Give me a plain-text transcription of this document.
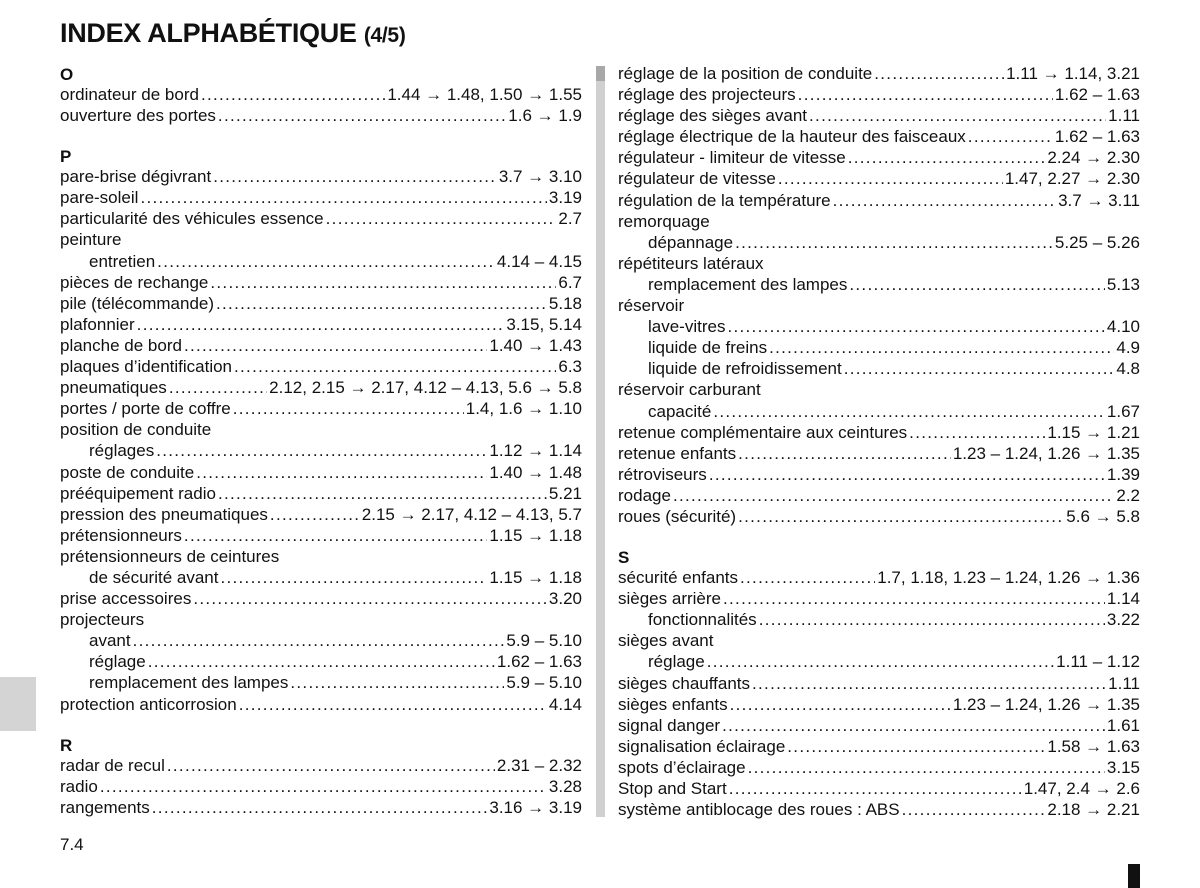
INDEX ALPHABÉTIQUE (4/5)
O
ordinateur de bord .....	1.44 → 1.48, 1.50 → 1.55
ouverture des portes .....	1.6 → 1.9
P
pare-brise dégivrant .....	3.7 → 3.10
pare-soleil .....	3.19
particularité des véhicules essence .....	2.7
peinture
entretien .....	4.14 – 4.15
pièces de rechange .....	6.7
pile (télécommande) .....	5.18
plafonnier .....	3.15, 5.14
planche de bord .....	1.40 → 1.43
plaques d’identification .....	6.3
pneumatiques .....	2.12, 2.15 → 2.17, 4.12 – 4.13, 5.6 → 5.8
portes / porte de coffre .....	1.4, 1.6 → 1.10
position de conduite
réglages .....	1.12 → 1.14
poste de conduite .....	1.40 → 1.48
prééquipement radio .....	5.21
pression des pneumatiques .....	2.15 → 2.17, 4.12 – 4.13, 5.7
prétensionneurs .....	1.15 → 1.18
prétensionneurs de ceintures
de sécurité avant .....	1.15 → 1.18
prise accessoires .....	3.20
projecteurs
avant .....	5.9 – 5.10
réglage .....	1.62 – 1.63
remplacement des lampes .....	5.9 – 5.10
protection anticorrosion .....	4.14
R
radar de recul .....	2.31 – 2.32
radio .....	3.28
rangements .....	3.16 → 3.19
réglage de la position de conduite .....	1.11 → 1.14, 3.21
réglage des projecteurs .....	1.62 – 1.63
réglage des sièges avant .....	1.11
réglage électrique de la hauteur des faisceaux .....	1.62 – 1.63
régulateur - limiteur de vitesse .....	2.24 → 2.30
régulateur de vitesse .....	1.47, 2.27 → 2.30
régulation de la température .....	3.7 → 3.11
remorquage
dépannage .....	5.25 – 5.26
répétiteurs latéraux
remplacement des lampes .....	5.13
réservoir
lave-vitres .....	4.10
liquide de freins .....	4.9
liquide de refroidissement .....	4.8
réservoir carburant
capacité .....	1.67
retenue complémentaire aux ceintures .....	1.15 → 1.21
retenue enfants .....	1.23 – 1.24, 1.26 → 1.35
rétroviseurs .....	1.39
rodage .....	2.2
roues (sécurité) .....	5.6 → 5.8
S
sécurité enfants .....	1.7, 1.18, 1.23 – 1.24, 1.26 → 1.36
sièges arrière .....	1.14
fonctionnalités .....	3.22
sièges avant
réglage .....	1.11 – 1.12
sièges chauffants .....	1.11
sièges enfants .....	1.23 – 1.24, 1.26 → 1.35
signal danger .....	1.61
signalisation éclairage .....	1.58 → 1.63
spots d’éclairage .....	3.15
Stop and Start .....	1.47, 2.4 → 2.6
système antiblocage des roues : ABS .....	2.18 → 2.21
7.4
